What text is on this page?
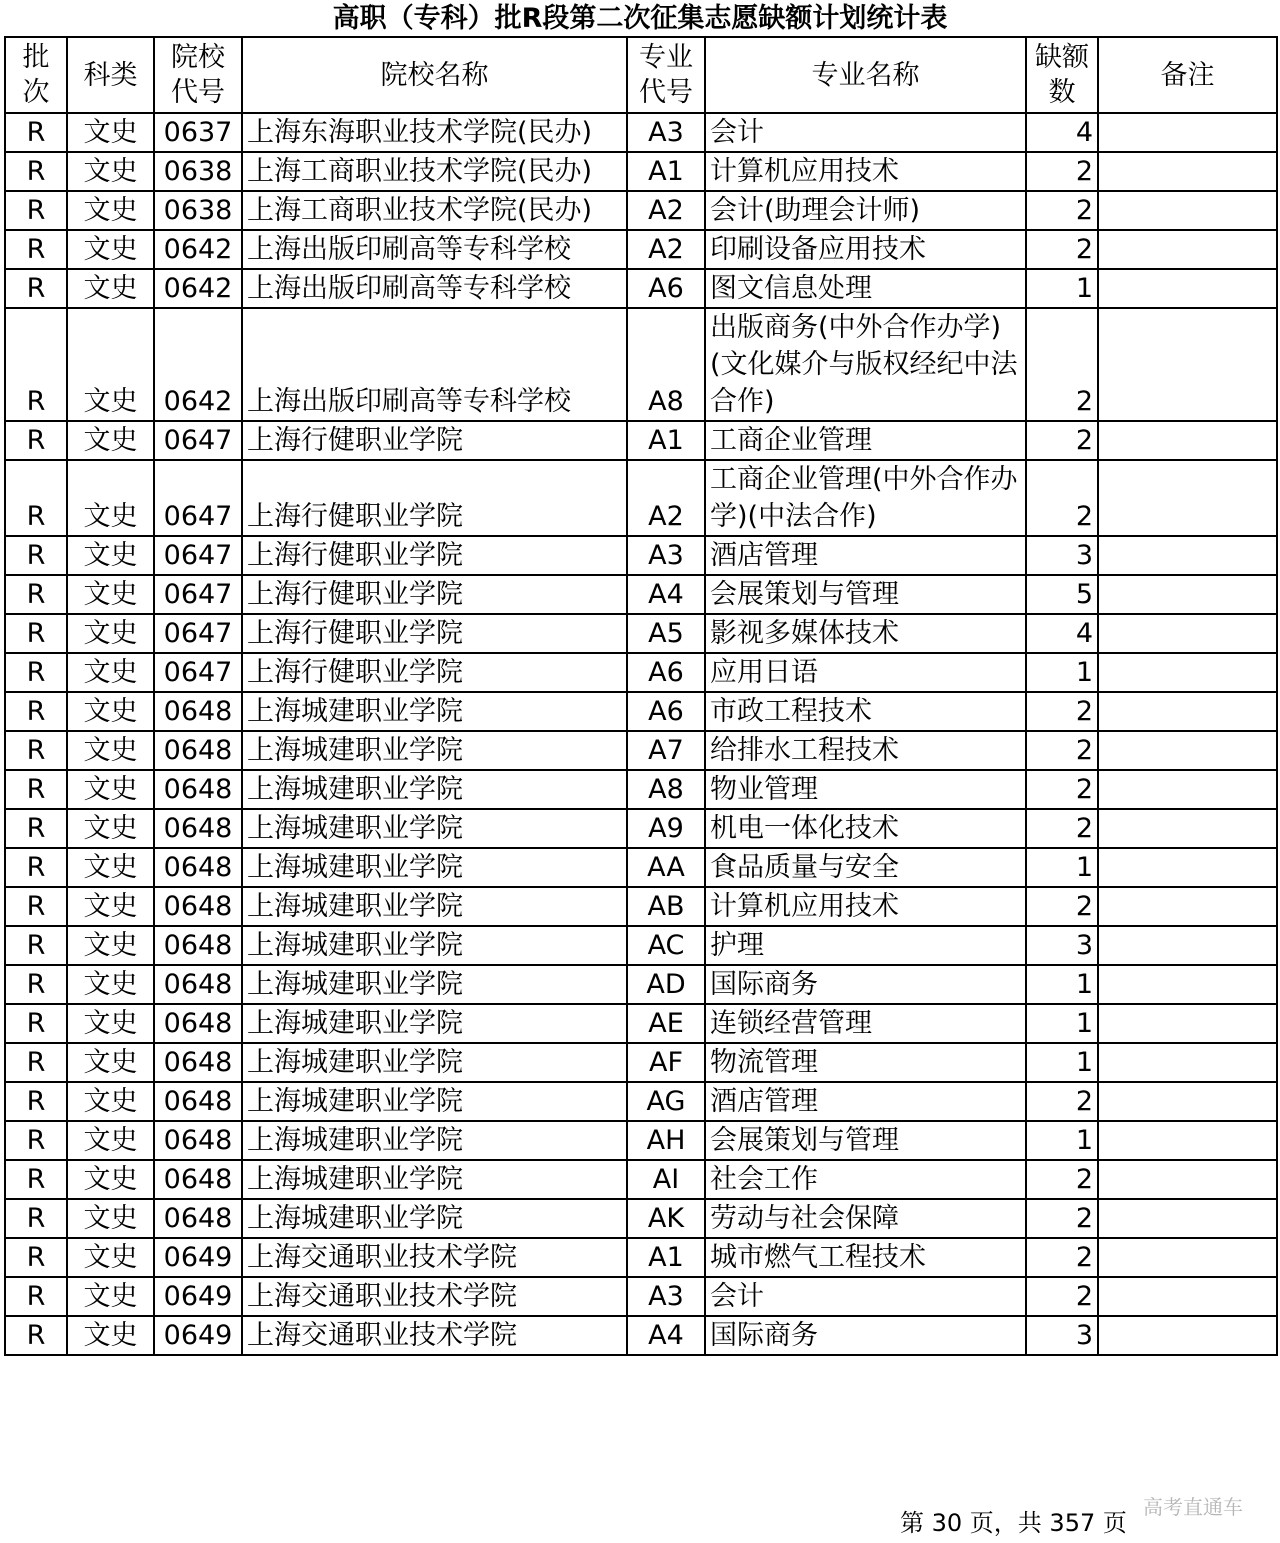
高职（专科）批R段第二次征集志愿缺额计划统计表
批次	科类	院校代号	院校名称	专业代号	专业名称	缺额数	备注
R	文史	0637	上海东海职业技术学院(民办)	A3	会计	4	
R	文史	0638	上海工商职业技术学院(民办)	A1	计算机应用技术	2	
R	文史	0638	上海工商职业技术学院(民办)	A2	会计(助理会计师)	2	
R	文史	0642	上海出版印刷高等专科学校	A2	印刷设备应用技术	2	
R	文史	0642	上海出版印刷高等专科学校	A6	图文信息处理	1	
R	文史	0642	上海出版印刷高等专科学校	A8	出版商务(中外合作办学)(文化媒介与版权经纪中法合作)	2	
R	文史	0647	上海行健职业学院	A1	工商企业管理	2	
R	文史	0647	上海行健职业学院	A2	工商企业管理(中外合作办学)(中法合作)	2	
R	文史	0647	上海行健职业学院	A3	酒店管理	3	
R	文史	0647	上海行健职业学院	A4	会展策划与管理	5	
R	文史	0647	上海行健职业学院	A5	影视多媒体技术	4	
R	文史	0647	上海行健职业学院	A6	应用日语	1	
R	文史	0648	上海城建职业学院	A6	市政工程技术	2	
R	文史	0648	上海城建职业学院	A7	给排水工程技术	2	
R	文史	0648	上海城建职业学院	A8	物业管理	2	
R	文史	0648	上海城建职业学院	A9	机电一体化技术	2	
R	文史	0648	上海城建职业学院	AA	食品质量与安全	1	
R	文史	0648	上海城建职业学院	AB	计算机应用技术	2	
R	文史	0648	上海城建职业学院	AC	护理	3	
R	文史	0648	上海城建职业学院	AD	国际商务	1	
R	文史	0648	上海城建职业学院	AE	连锁经营管理	1	
R	文史	0648	上海城建职业学院	AF	物流管理	1	
R	文史	0648	上海城建职业学院	AG	酒店管理	2	
R	文史	0648	上海城建职业学院	AH	会展策划与管理	1	
R	文史	0648	上海城建职业学院	AI	社会工作	2	
R	文史	0648	上海城建职业学院	AK	劳动与社会保障	2	
R	文史	0649	上海交通职业技术学院	A1	城市燃气工程技术	2	
R	文史	0649	上海交通职业技术学院	A3	会计	2	
R	文史	0649	上海交通职业技术学院	A4	国际商务	3	
第 30 页，共 357 页
高考直通车
